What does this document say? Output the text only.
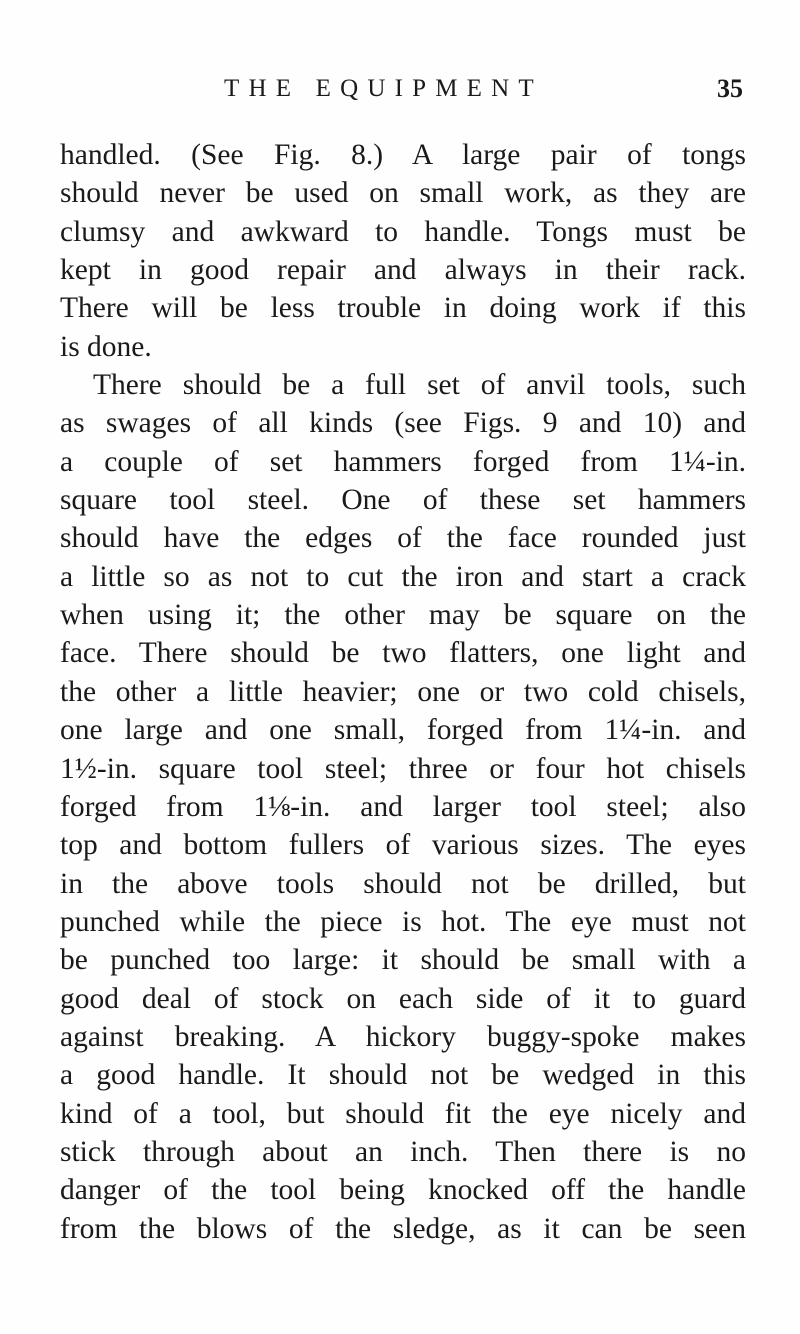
THE EQUIPMENT	35
handled. (See Fig. 8.) A large pair of tongs
should never be used on small work, as they are
clumsy and awkward to handle. Tongs must be
kept in good repair and always in their rack.
There will be less trouble in doing work if this
is done.
There should be a full set of anvil tools, such
as swages of all kinds (see Figs. 9 and 10) and
a couple of set hammers forged from 1¼-in.
square tool steel. One of these set hammers
should have the edges of the face rounded just
a little so as not to cut the iron and start a crack
when using it; the other may be square on the
face. There should be two flatters, one light and
the other a little heavier; one or two cold chisels,
one large and one small, forged from 1¼-in. and
1½-in. square tool steel; three or four hot chisels
forged from 1⅛-in. and larger tool steel; also
top and bottom fullers of various sizes. The eyes
in the above tools should not be drilled, but
punched while the piece is hot. The eye must not
be punched too large: it should be small with a
good deal of stock on each side of it to guard
against breaking. A hickory buggy-spoke makes
a good handle. It should not be wedged in this
kind of a tool, but should fit the eye nicely and
stick through about an inch. Then there is no
danger of the tool being knocked off the handle
from the blows of the sledge, as it can be seen
